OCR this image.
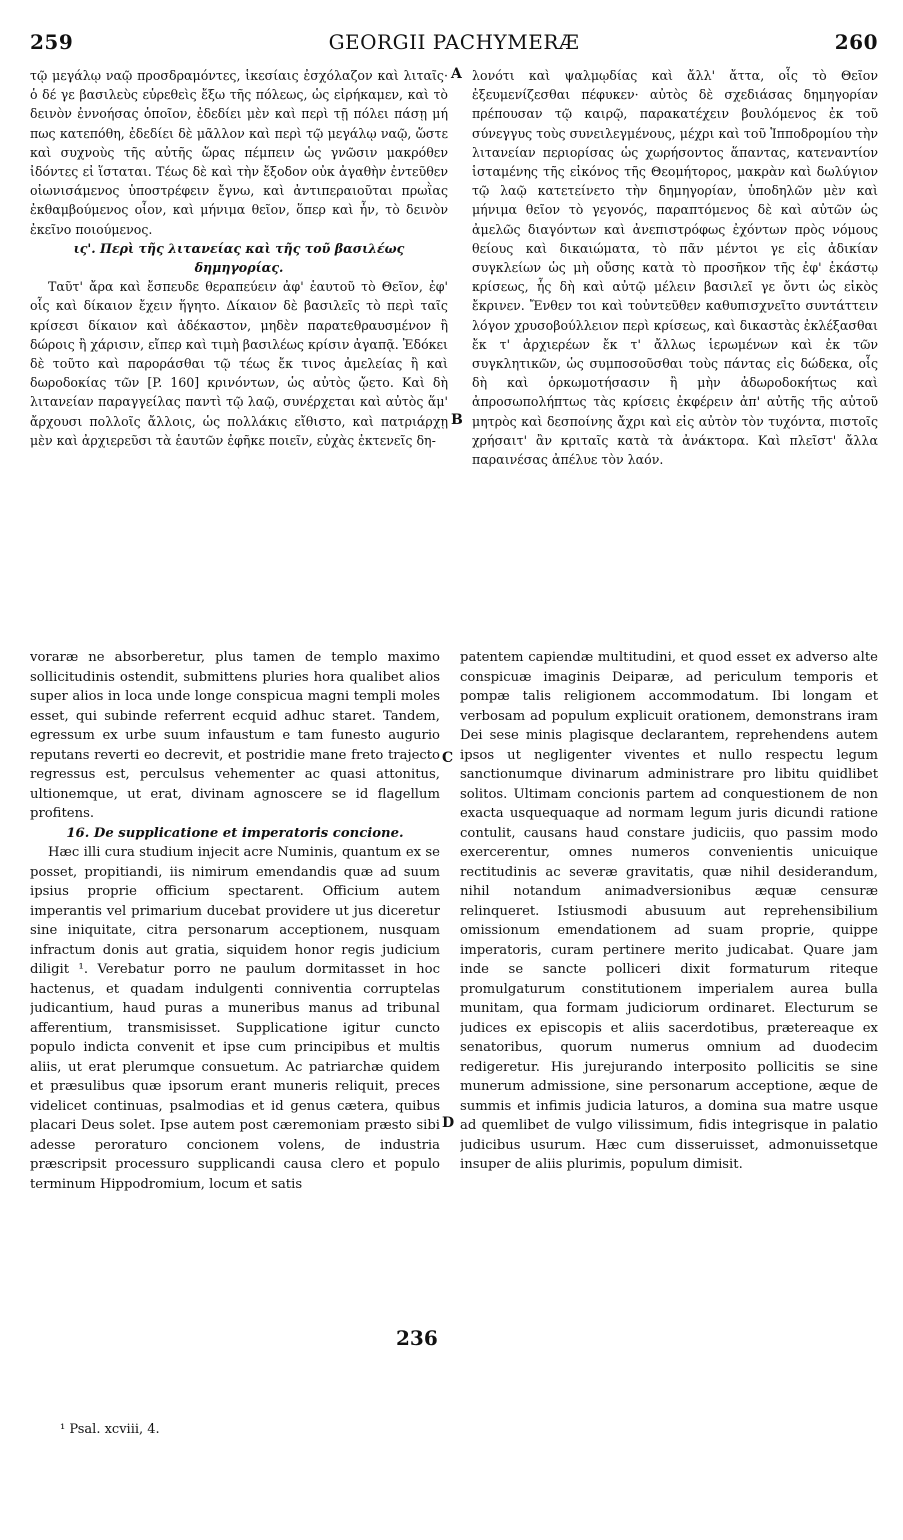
259	GEORGII PACHYMERÆ	260

τῷ μεγάλῳ ναῷ προσδραμόντες, ἱκεσίαις ἐσχόλαζον καὶ λιταῖς· ὁ δέ γε βασιλεὺς εὑρεθεὶς ἔξω τῆς πόλεως, ὡς εἰρήκαμεν, καὶ τὸ δεινὸν ἐννοήσας ὁποῖον, ἐδεδίει μὲν καὶ περὶ τῇ πόλει πάσῃ μή πως κατεπόθη, ἐδεδίει δὲ μᾶλλον καὶ περὶ τῷ μεγάλῳ ναῷ, ὥστε καὶ συχνοὺς τῆς αὐτῆς ὥρας πέμπειν ὡς γνῶσιν μακρόθεν ἰδόντες εἰ ἵσταται. Τέως δὲ καὶ τὴν ἔξοδον οὐκ ἀγαθὴν ἐντεῦθεν οἰωνισάμενος ὑποστρέφειν ἔγνω, καὶ ἀντιπεραιοῦται πρωῒας ἐκθαμβούμενος οἷον, καὶ μήνιμα θεῖον, ὅπερ καὶ ἦν, τὸ δεινὸν ἐκεῖνο ποιούμενος.

ις'. Περὶ τῆς λιτανείας καὶ τῆς τοῦ βασιλέως δημηγορίας.

Ταῦτ' ἄρα καὶ ἔσπευδε θεραπεύειν ἀφ' ἑαυτοῦ τὸ Θεῖον, ἐφ' οἷς καὶ δίκαιον ἔχειν ἥγητο. Δίκαιον δὲ βασιλεῖς τὸ περὶ ταῖς κρίσεσι δίκαιον καὶ ἀδέκαστον, μηδὲν παρατεθραυσμένον ἢ δώροις ἢ χάρισιν, εἴπερ καὶ τιμὴ βασιλέως κρίσιν ἀγαπᾷ. Ἐδόκει δὲ τοῦτο καὶ παροράσθαι τῷ τέως ἔκ τινος ἀμελείας ἢ καὶ δωροδοκίας τῶν [P. 160] κρινόντων, ὡς αὐτὸς ᾤετο. Καὶ δὴ λιτανείαν παραγγείλας παντὶ τῷ λαῷ, συνέρχεται καὶ αὐτὸς ἅμ' ἄρχουσι πολλοῖς ἄλλοις, ὡς πολλάκις εἴθιστο, καὶ πατριάρχῃ μὲν καὶ ἀρχιερεῦσι τὰ ἑαυτῶν ἐφῆκε ποιεῖν, εὐχὰς ἐκτενεῖς δη-

λονότι καὶ ψαλμῳδίας καὶ ἄλλ' ἄττα, οἷς τὸ Θεῖον ἐξευμενίζεσθαι πέφυκεν· αὐτὸς δὲ σχεδιάσας δημηγορίαν πρέπουσαν τῷ καιρῷ, παρακατέχειν βουλόμενος ἐκ τοῦ σύνεγγυς τοὺς συνειλεγμένους, μέχρι καὶ τοῦ Ἱπποδρομίου τὴν λιτανείαν περιορίσας ὡς χωρήσοντος ἅπαντας, κατεναντίον ἱσταμένης τῆς εἰκόνος τῆς Θεομήτορος, μακρὰν καὶ δωλύγιον τῷ λαῷ κατετείνετο τὴν δημηγορίαν, ὑποδηλῶν μὲν καὶ μήνιμα θεῖον τὸ γεγονός, παραπτόμενος δὲ καὶ αὐτῶν ὡς ἀμελῶς διαγόντων καὶ ἀνεπιστρόφως ἐχόντων πρὸς νόμους θείους καὶ δικαιώματα, τὸ πᾶν μέντοι γε εἰς ἀδικίαν συγκλείων ὡς μὴ οὔσης κατὰ τὸ προσῆκον τῆς ἐφ' ἑκάστῳ κρίσεως, ἧς δὴ καὶ αὐτῷ μέλειν βασιλεῖ γε ὄντι ὡς εἰκὸς ἔκρινεν. Ἔνθεν τοι καὶ τοὐντεῦθεν καθυπισχνεῖτο συντάττειν λόγον χρυσοβούλλειον περὶ κρίσεως, καὶ δικαστὰς ἐκλέξασθαι ἔκ τ' ἀρχιερέων ἔκ τ' ἄλλως ἱερωμένων καὶ ἐκ τῶν συγκλητικῶν, ὡς συμποσοῦσθαι τοὺς πάντας εἰς δώδεκα, οἷς δὴ καὶ ὁρκωμοτήσασιν ἢ μὴν ἀδωροδοκήτως καὶ ἀπροσωπολήπτως τὰς κρίσεις ἐκφέρειν ἀπ' αὐτῆς τῆς αὐτοῦ μητρὸς καὶ δεσποίνης ἄχρι καὶ εἰς αὐτὸν τὸν τυχόντα, πιστοῖς χρήσαιτ' ἂν κριταῖς κατὰ τὰ ἀνάκτορα. Καὶ πλεῖστ' ἄλλα παραινέσας ἀπέλυε τὸν λαόν.

A
B
C
D

voraræ ne absorberetur, plus tamen de templo maximo sollicitudinis ostendit, submittens pluries hora qualibet alios super alios in loca unde longe conspicua magni templi moles esset, qui subinde referrent ecquid adhuc staret. Tandem, egressum ex urbe suum infaustum e tam funesto augurio reputans reverti eo decrevit, et postridie mane freto trajecto regressus est, perculsus vehementer ac quasi attonitus, ultionemque, ut erat, divinam agnoscere se id flagellum profitens.

16. De supplicatione et imperatoris concione.

Hæc illi cura studium injecit acre Numinis, quantum ex se posset, propitiandi, iis nimirum emendandis quæ ad suum ipsius proprie officium spectarent. Officium autem imperantis vel primarium ducebat providere ut jus diceretur sine iniquitate, citra personarum acceptionem, nusquam infractum donis aut gratia, siquidem honor regis judicium diligit ¹. Verebatur porro ne paulum dormitasset in hoc hactenus, et quadam indulgenti conniventia corruptelas judicantium, haud puras a muneribus manus ad tribunal afferentium, transmisisset. Supplicatione igitur cuncto populo indicta convenit et ipse cum principibus et multis aliis, ut erat plerumque consuetum. Ac patriarchæ quidem et præsulibus quæ ipsorum erant muneris reliquit, preces videlicet continuas, psalmodias et id genus cætera, quibus placari Deus solet. Ipse autem post cæremoniam præsto sibi adesse peroraturo concionem volens, de industria præscripsit processuro supplicandi causa clero et populo terminum Hippodromium, locum et satis

236

patentem capiendæ multitudini, et quod esset ex adverso alte conspicuæ imaginis Deiparæ, ad periculum temporis et pompæ talis religionem accommodatum. Ibi longam et verbosam ad populum explicuit orationem, demonstrans iram Dei sese minis plagisque declarantem, reprehendens autem ipsos ut negligenter viventes et nullo respectu legum sanctionumque divinarum administrare pro libitu quidlibet solitos. Ultimam concionis partem ad conquestionem de non exacta usquequaque ad normam legum juris dicundi ratione contulit, causans haud constare judiciis, quo passim modo exercerentur, omnes numeros convenientis unicuique rectitudinis ac severæ gravitatis, quæ nihil desiderandum, nihil notandum animadversionibus æquæ censuræ relinqueret. Istiusmodi abusuum aut reprehensibilium omissionum emendationem ad suam proprie, quippe imperatoris, curam pertinere merito judicabat. Quare jam inde se sancte polliceri dixit formaturum riteque promulgaturum constitutionem imperialem aurea bulla munitam, qua formam judiciorum ordinaret. Electurum se judices ex episcopis et aliis sacerdotibus, prætereaque ex senatoribus, quorum numerus omnium ad duodecim redigeretur. His jurejurando interposito pollicitis se sine munerum admissione, sine personarum acceptione, æque de summis et infimis judicia laturos, a domina sua matre usque ad quemlibet de vulgo vilissimum, fidis integrisque in palatio judicibus usurum. Hæc cum disseruisset, admonuissetque insuper de aliis plurimis, populum dimisit.

¹ Psal. xcviii, 4.
